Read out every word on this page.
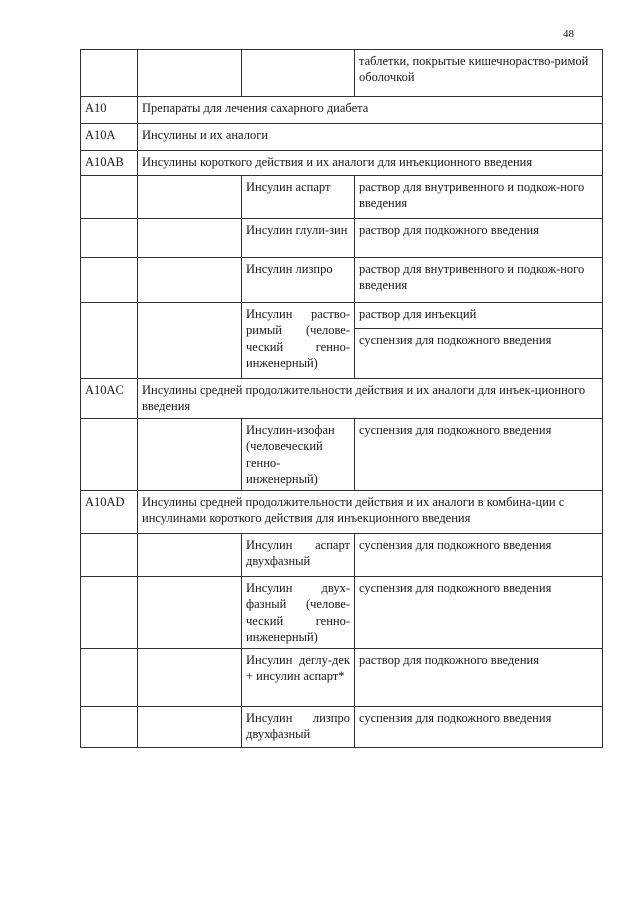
48
			таблетки, покрытые кишечнораство-римой оболочкой
A10	Препараты для лечения сахарного диабета		
A10A	Инсулины и их аналоги		
A10AB	Инсулины короткого действия и их аналоги для инъекционного введения		
		Инсулин аспарт	раствор для внутривенного и подкож-ного введения
		Инсулин глули-зин	раствор для подкожного введения
		Инсулин лизпро	раствор для внутривенного и подкож-ного введения
		Инсулин раство-римый (челове-ческий генно-инженерный)	раствор для инъекций
			суспензия для подкожного введения
A10AC	Инсулины средней продолжительности действия и их аналоги для инъек-ционного введения		
		Инсулин-изофан (человеческий генно-инженерный)	суспензия для подкожного введения
A10AD	Инсулины средней продолжительности действия и их аналоги в комбина-ции с инсулинами короткого действия для инъекционного введения		
		Инсулин аспарт двухфазный	суспензия для подкожного введения
		Инсулин двух-фазный (челове-ческий генно-инженерный)	суспензия для подкожного введения
		Инсулин деглу-дек + инсулин аспарт*	раствор для подкожного введения
		Инсулин лизпро двухфазный	суспензия для подкожного введения
